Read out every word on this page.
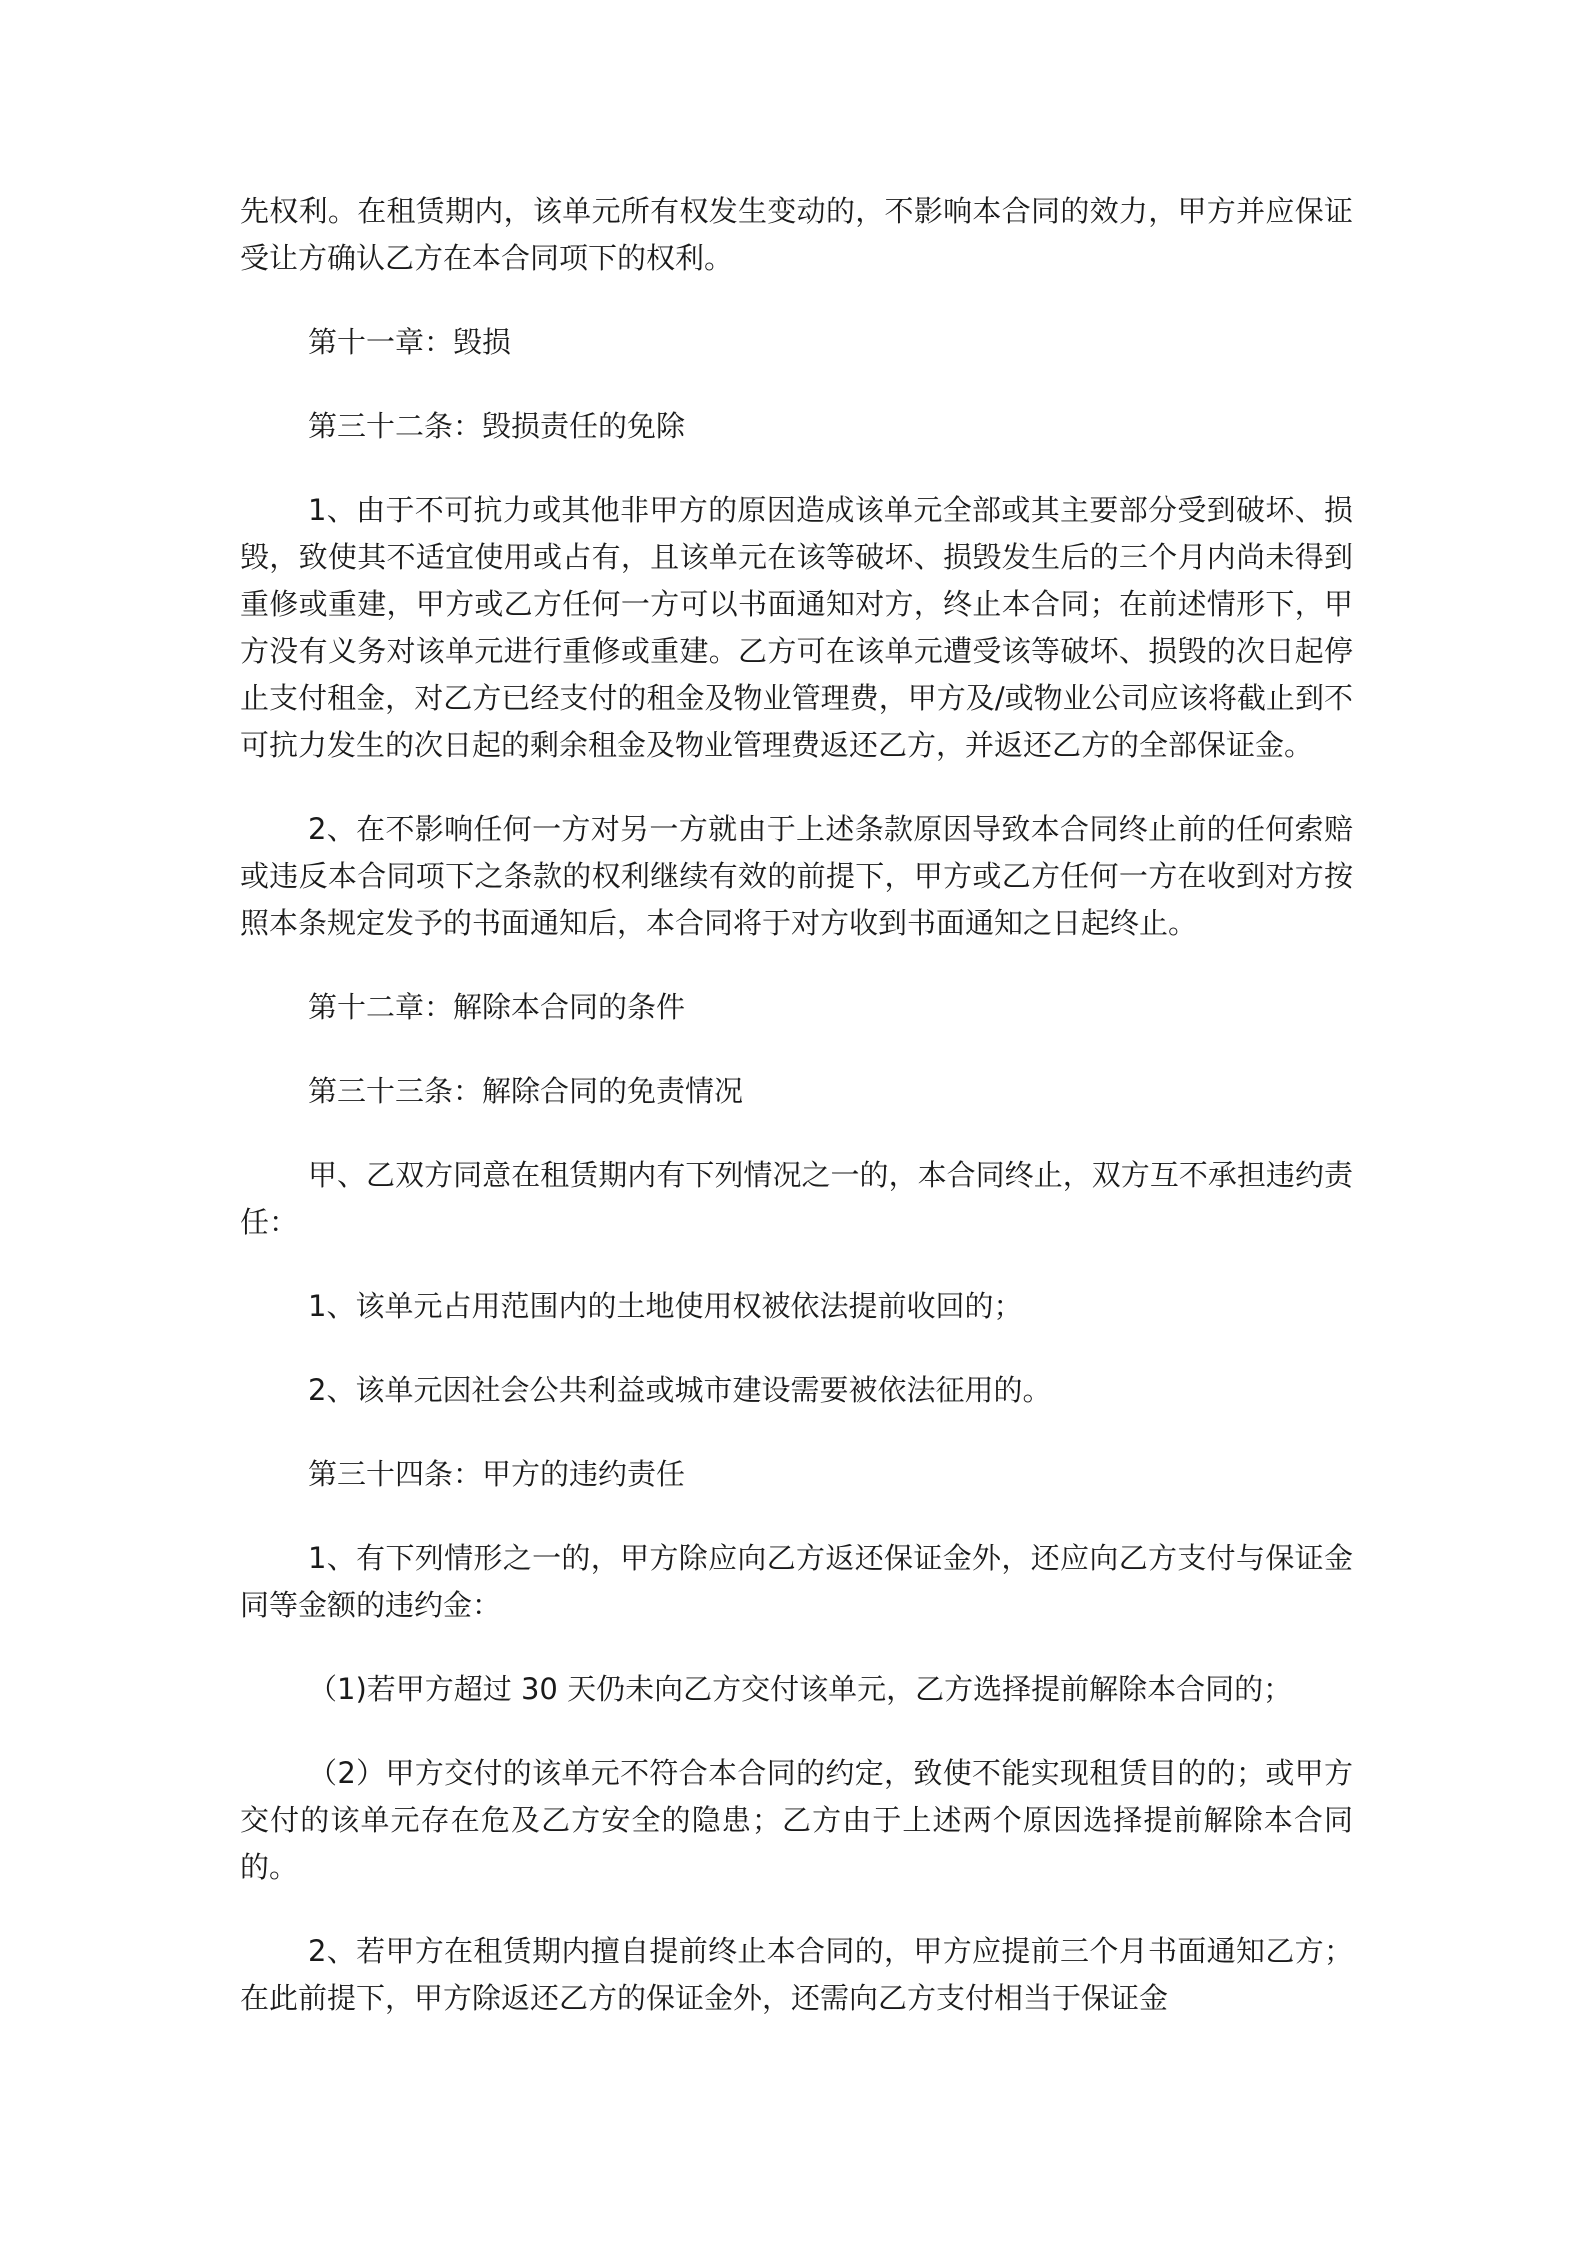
先权利。在租赁期内，该单元所有权发生变动的，不影响本合同的效力，甲方并应保证受让方确认乙方在本合同项下的权利。

第十一章：毁损

第三十二条：毁损责任的免除

1、由于不可抗力或其他非甲方的原因造成该单元全部或其主要部分受到破坏、损毁，致使其不适宜使用或占有，且该单元在该等破坏、损毁发生后的三个月内尚未得到重修或重建，甲方或乙方任何一方可以书面通知对方，终止本合同；在前述情形下，甲方没有义务对该单元进行重修或重建。乙方可在该单元遭受该等破坏、损毁的次日起停止支付租金，对乙方已经支付的租金及物业管理费，甲方及/或物业公司应该将截止到不可抗力发生的次日起的剩余租金及物业管理费返还乙方，并返还乙方的全部保证金。

2、在不影响任何一方对另一方就由于上述条款原因导致本合同终止前的任何索赔或违反本合同项下之条款的权利继续有效的前提下，甲方或乙方任何一方在收到对方按照本条规定发予的书面通知后，本合同将于对方收到书面通知之日起终止。

第十二章：解除本合同的条件

第三十三条：解除合同的免责情况

甲、乙双方同意在租赁期内有下列情况之一的，本合同终止，双方互不承担违约责任：

1、该单元占用范围内的土地使用权被依法提前收回的；

2、该单元因社会公共利益或城市建设需要被依法征用的。

第三十四条：甲方的违约责任

1、有下列情形之一的，甲方除应向乙方返还保证金外，还应向乙方支付与保证金同等金额的违约金：

（1)若甲方超过 30 天仍未向乙方交付该单元，乙方选择提前解除本合同的；

（2）甲方交付的该单元不符合本合同的约定，致使不能实现租赁目的的；或甲方交付的该单元存在危及乙方安全的隐患；乙方由于上述两个原因选择提前解除本合同的。

2、若甲方在租赁期内擅自提前终止本合同的，甲方应提前三个月书面通知乙方；在此前提下，甲方除返还乙方的保证金外，还需向乙方支付相当于保证金
